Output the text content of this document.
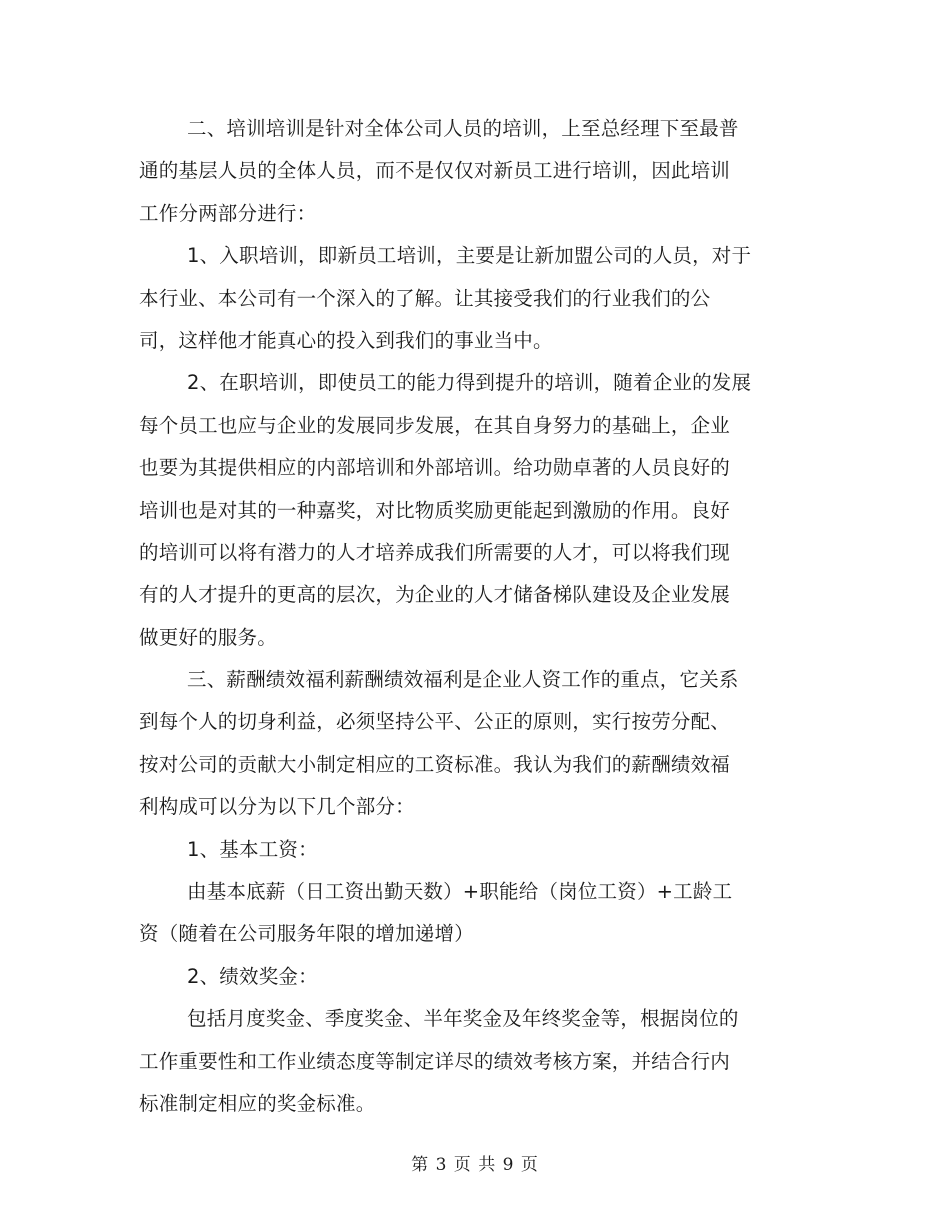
二、培训培训是针对全体公司人员的培训，上至总经理下至最普
通的基层人员的全体人员，而不是仅仅对新员工进行培训，因此培训
工作分两部分进行：
1、入职培训，即新员工培训，主要是让新加盟公司的人员，对于
本行业、本公司有一个深入的了解。让其接受我们的行业我们的公
司，这样他才能真心的投入到我们的事业当中。
2、在职培训，即使员工的能力得到提升的培训，随着企业的发展
每个员工也应与企业的发展同步发展，在其自身努力的基础上，企业
也要为其提供相应的内部培训和外部培训。给功勋卓著的人员良好的
培训也是对其的一种嘉奖，对比物质奖励更能起到激励的作用。良好
的培训可以将有潜力的人才培养成我们所需要的人才，可以将我们现
有的人才提升的更高的层次，为企业的人才储备梯队建设及企业发展
做更好的服务。
三、薪酬绩效福利薪酬绩效福利是企业人资工作的重点，它关系
到每个人的切身利益，必须坚持公平、公正的原则，实行按劳分配、
按对公司的贡献大小制定相应的工资标准。我认为我们的薪酬绩效福
利构成可以分为以下几个部分：
1、基本工资：
由基本底薪（日工资出勤天数）+职能给（岗位工资）+工龄工
资（随着在公司服务年限的增加递增）
2、绩效奖金：
包括月度奖金、季度奖金、半年奖金及年终奖金等，根据岗位的
工作重要性和工作业绩态度等制定详尽的绩效考核方案，并结合行内
标准制定相应的奖金标准。
第 3 页 共 9 页
